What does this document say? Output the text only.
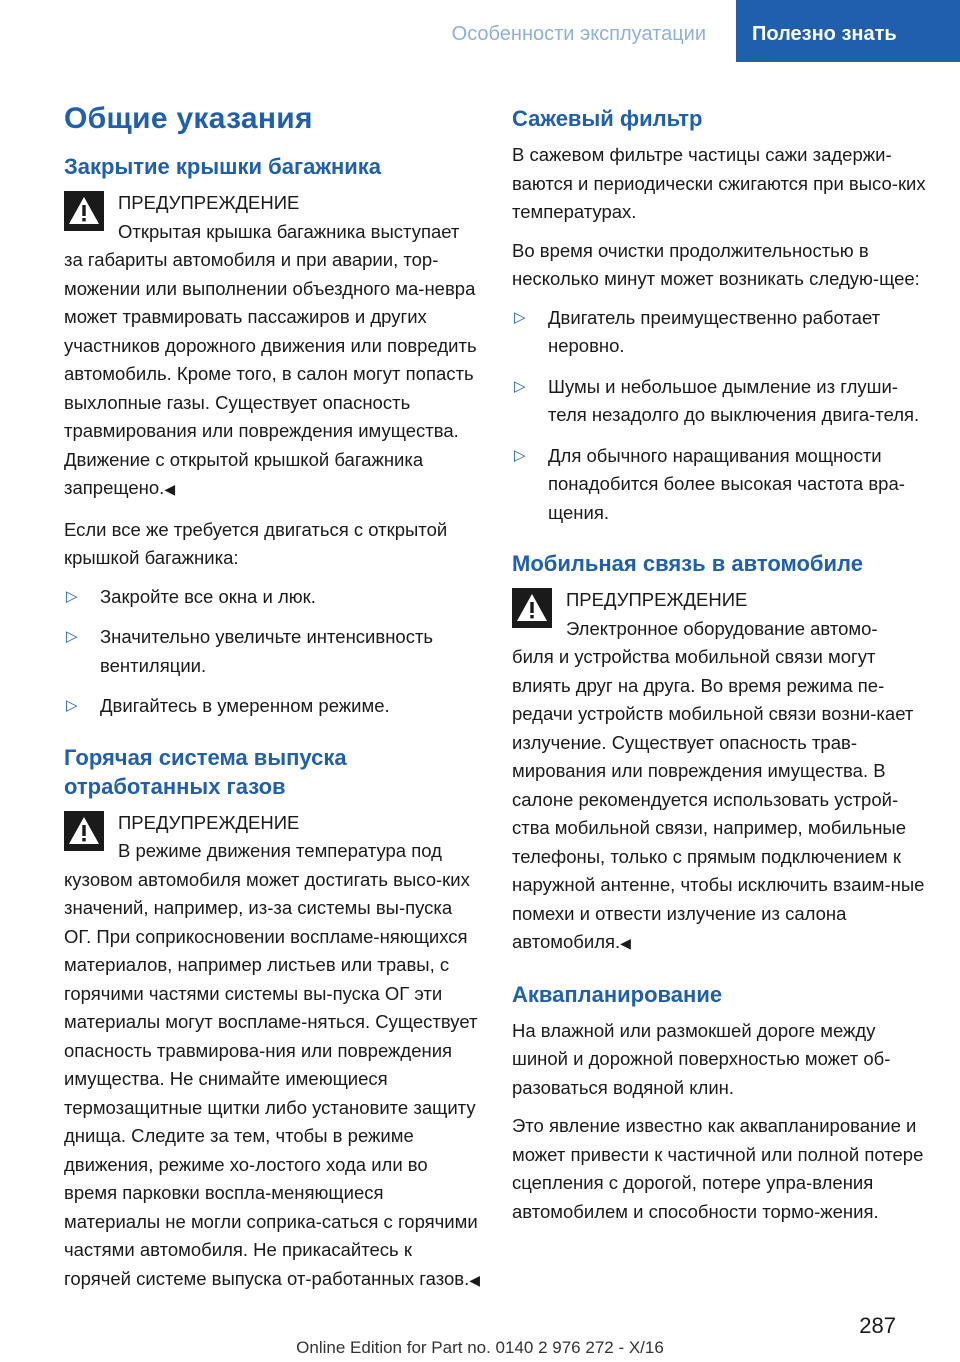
Особенности эксплуатации	Полезно знать
Общие указания
Закрытие крышки багажника
ПРЕДУПРЕЖДЕНИЕ
Открытая крышка багажника выступает
за габариты автомобиля и при аварии, тор-можении или выполнении объездного ма-невра может травмировать пассажиров и других участников дорожного движения или повредить автомобиль. Кроме того, в салон могут попасть выхлопные газы. Существует опасность травмирования или повреждения имущества. Движение с открытой крышкой багажника запрещено.◀
Если все же требуется двигаться с открытой крышкой багажника:
▷ Закройте все окна и люк.
▷ Значительно увеличьте интенсивность вентиляции.
▷ Двигайтесь в умеренном режиме.
Горячая система выпуска отработанных газов
ПРЕДУПРЕЖДЕНИЕ
В режиме движения температура под
кузовом автомобиля может достигать высо-ких значений, например, из-за системы вы-пуска ОГ. При соприкосновении воспламе-няющихся материалов, например листьев или травы, с горячими частями системы вы-пуска ОГ эти материалы могут воспламе-няться. Существует опасность травмирова-ния или повреждения имущества. Не снимайте имеющиеся термозащитные щитки либо установите защиту днища. Следите за тем, чтобы в режиме движения, режиме хо-лостого хода или во время парковки воспла-меняющиеся материалы не могли соприка-саться с горячими частями автомобиля. Не прикасайтесь к горячей системе выпуска от-работанных газов.◀
Сажевый фильтр
В сажевом фильтре частицы сажи задержи-ваются и периодически сжигаются при высо-ких температурах.
Во время очистки продолжительностью в несколько минут может возникать следую-щее:
▷ Двигатель преимущественно работает неровно.
▷ Шумы и небольшое дымление из глуши-теля незадолго до выключения двига-теля.
▷ Для обычного наращивания мощности понадобится более высокая частота вра-щения.
Мобильная связь в автомобиле
ПРЕДУПРЕЖДЕНИЕ
Электронное оборудование автомо-
биля и устройства мобильной связи могут влиять друг на друга. Во время режима пе-редачи устройств мобильной связи возни-кает излучение. Существует опасность трав-мирования или повреждения имущества. В салоне рекомендуется использовать устрой-ства мобильной связи, например, мобильные телефоны, только с прямым подключением к наружной антенне, чтобы исключить взаим-ные помехи и отвести излучение из салона автомобиля.◀
Аквапланирование
На влажной или размокшей дороге между шиной и дорожной поверхностью может об-разоваться водяной клин.
Это явление известно как аквапланирование и может привести к частичной или полной потере сцепления с дорогой, потере упра-вления автомобилем и способности тормо-жения.
287
Online Edition for Part no. 0140 2 976 272 - X/16
